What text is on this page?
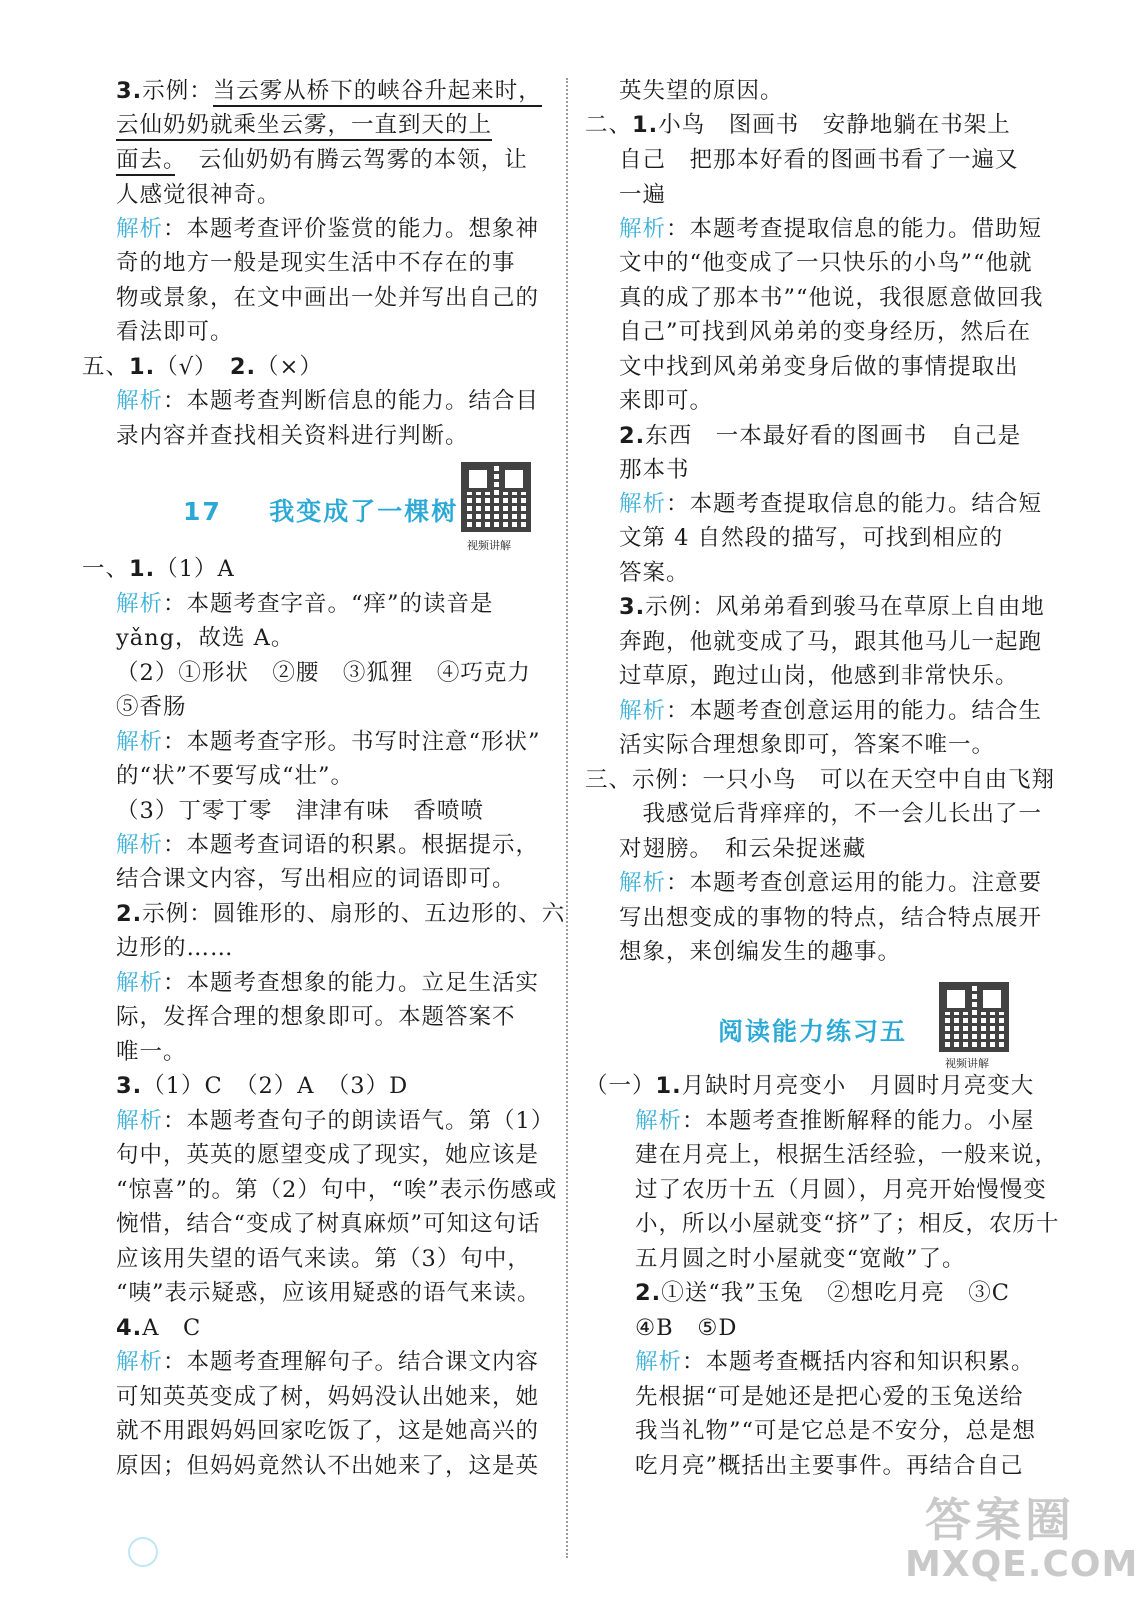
3.示例：当云雾从桥下的峡谷升起来时，
云仙奶奶就乘坐云雾，一直到天的上
面去。　云仙奶奶有腾云驾雾的本领，让
人感觉很神奇。
解析：本题考查评价鉴赏的能力。想象神
奇的地方一般是现实生活中不存在的事
物或景象，在文中画出一处并写出自己的
看法即可。
五、1.（√）　2.（×）
解析：本题考查判断信息的能力。结合目
录内容并查找相关资料进行判断。
一、1.（1）A
解析：本题考查字音。“痒”的读音是
yǎng，故选 A。
（2）①形状　②腰　③狐狸　④巧克力
⑤香肠
解析：本题考查字形。书写时注意“形状”
的“状”不要写成“壮”。
（3）丁零丁零　津津有味　香喷喷
解析：本题考查词语的积累。根据提示，
结合课文内容，写出相应的词语即可。
2.示例：圆锥形的、扇形的、五边形的、六
边形的……
解析：本题考查想象的能力。立足生活实
际，发挥合理的想象即可。本题答案不
唯一。
3.（1）C　（2）A　（3）D
解析：本题考查句子的朗读语气。第（1）
句中，英英的愿望变成了现实，她应该是
“惊喜”的。第（2）句中，“唉”表示伤感或
惋惜，结合“变成了树真麻烦”可知这句话
应该用失望的语气来读。第（3）句中，
“咦”表示疑惑，应该用疑惑的语气来读。
4.A　C
解析：本题考查理解句子。结合课文内容
可知英英变成了树，妈妈没认出她来，她
就不用跟妈妈回家吃饭了，这是她高兴的
原因；但妈妈竟然认不出她来了，这是英
英失望的原因。
二、1.小鸟　图画书　安静地躺在书架上
自己　把那本好看的图画书看了一遍又
一遍
解析：本题考查提取信息的能力。借助短
文中的“他变成了一只快乐的小鸟”“他就
真的成了那本书”“他说，我很愿意做回我
自己”可找到风弟弟的变身经历，然后在
文中找到风弟弟变身后做的事情提取出
来即可。
2.东西　一本最好看的图画书　自己是
那本书
解析：本题考查提取信息的能力。结合短
文第 4 自然段的描写，可找到相应的
答案。
3.示例：风弟弟看到骏马在草原上自由地
奔跑，他就变成了马，跟其他马儿一起跑
过草原，跑过山岗，他感到非常快乐。
解析：本题考查创意运用的能力。结合生
活实际合理想象即可，答案不唯一。
三、示例：一只小鸟　可以在天空中自由飞翔
　我感觉后背痒痒的，不一会儿长出了一
对翅膀。　和云朵捉迷藏
解析：本题考查创意运用的能力。注意要
写出想变成的事物的特点，结合特点展开
想象，来创编发生的趣事。
（一）1.月缺时月亮变小　月圆时月亮变大
解析：本题考查推断解释的能力。小屋
建在月亮上，根据生活经验，一般来说，
过了农历十五（月圆），月亮开始慢慢变
小，所以小屋就变“挤”了；相反，农历十
五月圆之时小屋就变“宽敞”了。
2.①送“我”玉兔　②想吃月亮　③C
④B　⑤D
解析：本题考查概括内容和知识积累。
先根据“可是她还是把心爱的玉兔送给
我当礼物”“可是它总是不安分，总是想
吃月亮”概括出主要事件。再结合自己
17 我变成了一棵树
视频讲解
阅读能力练习五
视频讲解
答案圈
MXQE.COM
